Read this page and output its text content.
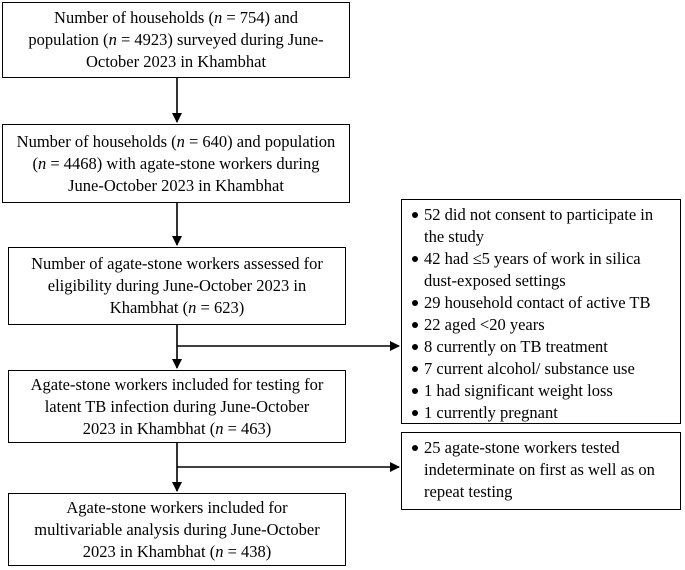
Number of households (n = 754) and
population (n = 4923) surveyed during June-
October 2023 in Khambhat
Number of households (n = 640) and population
(n = 4468) with agate-stone workers during
June-October 2023 in Khambhat
Number of agate-stone workers assessed for
eligibility during June-October 2023 in
Khambhat (n = 623)
Agate-stone workers included for testing for
latent TB infection during June-October
2023 in Khambhat (n = 463)
Agate-stone workers included for
multivariable analysis during June-October
2023 in Khambhat (n = 438)
52 did not consent to participate in the study
42 had ≤5 years of work in silica dust-exposed settings
29 household contact of active TB
22 aged <20 years
8 currently on TB treatment
7 current alcohol/ substance use
1 had significant weight loss
1 currently pregnant
25 agate-stone workers tested indeterminate on first as well as on repeat testing
